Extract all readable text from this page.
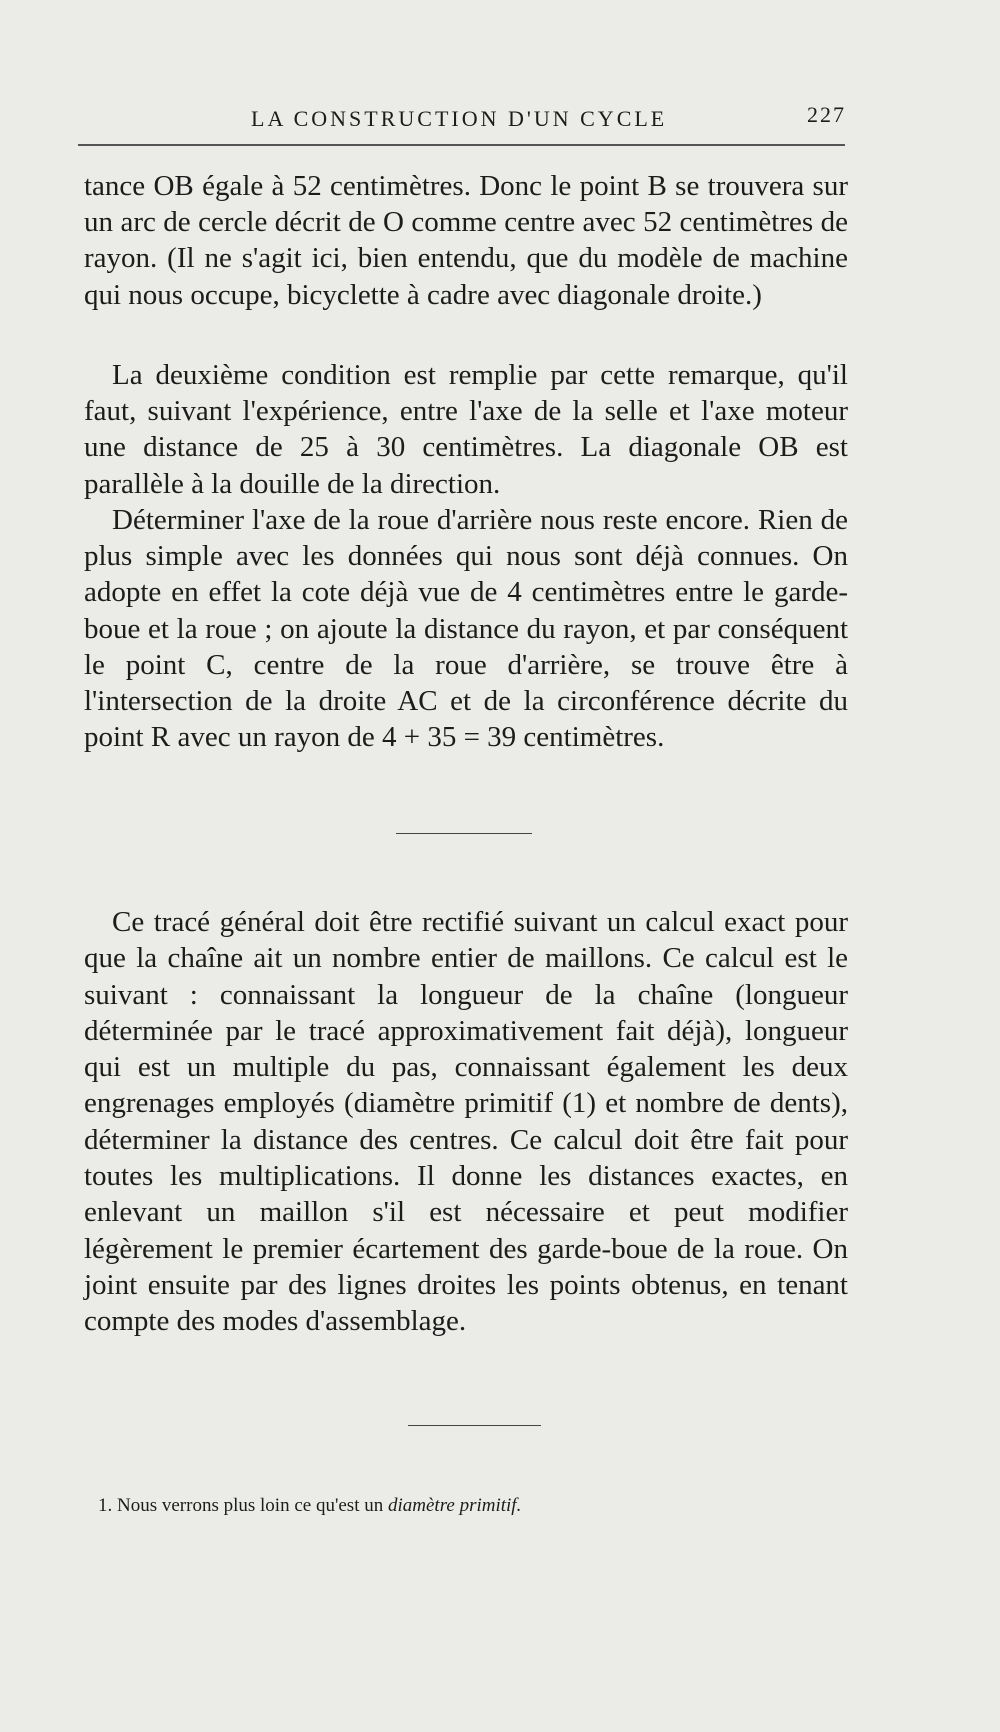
LA CONSTRUCTION D'UN CYCLE	227

tance OB égale à 52 centimètres. Donc le point B se trouvera sur un arc de cercle décrit de O comme centre avec 52 centimètres de rayon. (Il ne s'agit ici, bien entendu, que du modèle de machine qui nous occupe, bicyclette à cadre avec diagonale droite.)

La deuxième condition est remplie par cette remarque, qu'il faut, suivant l'expérience, entre l'axe de la selle et l'axe moteur une distance de 25 à 30 centimètres. La diagonale OB est parallèle à la douille de la direction.

Déterminer l'axe de la roue d'arrière nous reste encore. Rien de plus simple avec les données qui nous sont déjà connues. On adopte en effet la cote déjà vue de 4 centimètres entre le garde-boue et la roue ; on ajoute la distance du rayon, et par conséquent le point C, centre de la roue d'arrière, se trouve être à l'intersection de la droite AC et de la circonférence décrite du point R avec un rayon de 4 + 35 = 39 centimètres.

Ce tracé général doit être rectifié suivant un calcul exact pour que la chaîne ait un nombre entier de maillons. Ce calcul est le suivant : connaissant la longueur de la chaîne (longueur déterminée par le tracé approximativement fait déjà), longueur qui est un multiple du pas, connaissant également les deux engrenages employés (diamètre primitif (1) et nombre de dents), déterminer la distance des centres. Ce calcul doit être fait pour toutes les multiplications. Il donne les distances exactes, en enlevant un maillon s'il est nécessaire et peut modifier légèrement le premier écartement des garde-boue de la roue. On joint ensuite par des lignes droites les points obtenus, en tenant compte des modes d'assemblage.

1. Nous verrons plus loin ce qu'est un diamètre primitif.
